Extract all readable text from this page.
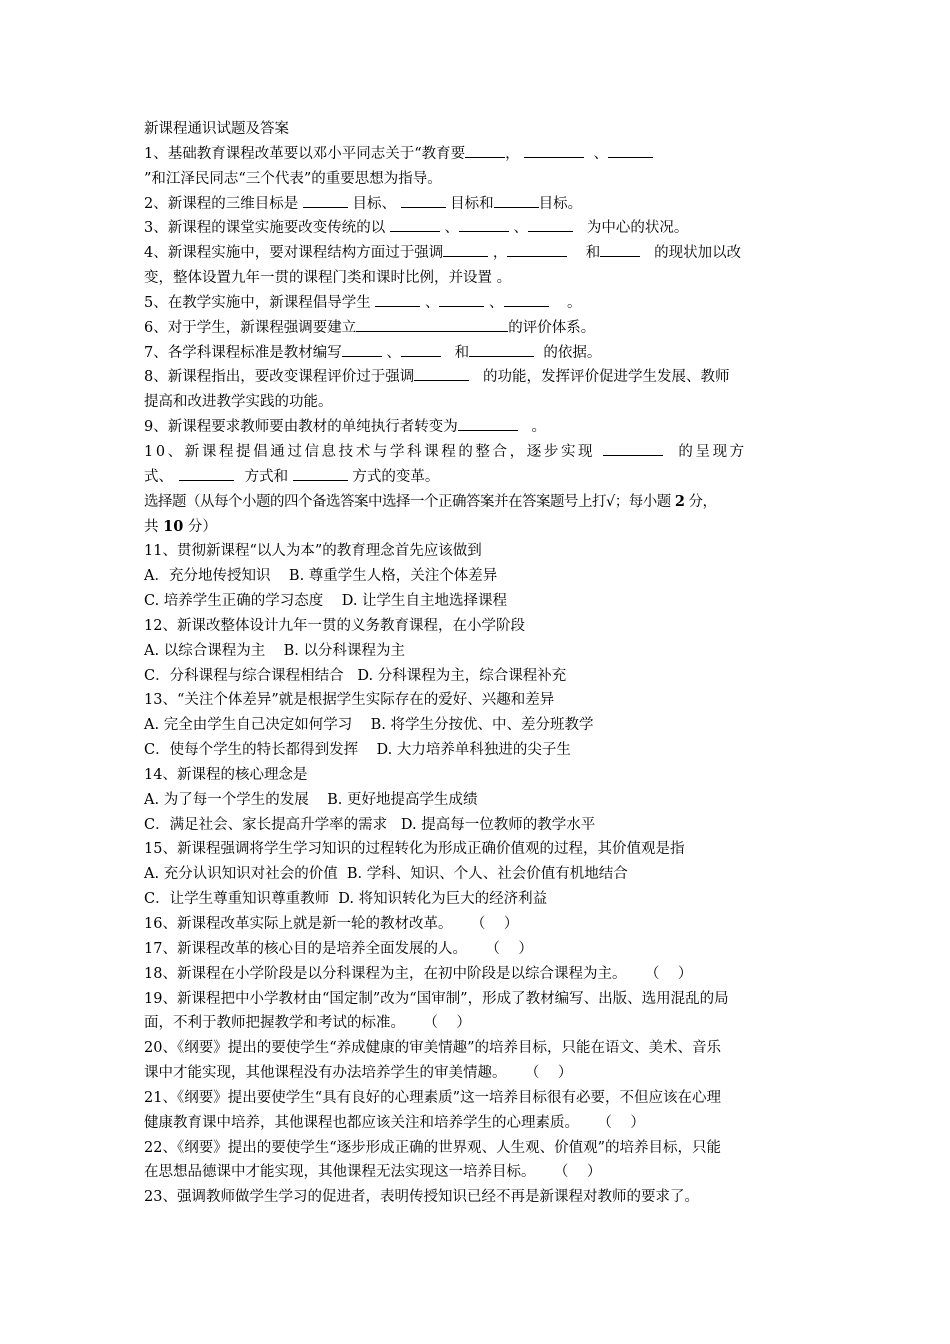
新课程通识试题及答案
1、基础教育课程改革要以邓小平同志关于“教育要	，	、
”和江泽民同志“三个代表”的重要思想为指导。
2、新课程的三维目标是	目标、	目标和	目标。
3、新课程的课堂实施要改变传统的以	、	、	为中心的状况。
4、新课程实施中，要对课程结构方面过于强调	，	和	的现状加以改
变，整体设置九年一贯的课程门类和课时比例，并设置 。
5、在教学实施中，新课程倡导学生	、	、	。
6、对于学生，新课程强调要建立	的评价体系。
7、各学科课程标准是教材编写	、	和	的依据。
8、新课程指出，要改变课程评价过于强调	的功能，发挥评价促进学生发展、教师
提高和改进教学实践的功能。
9、新课程要求教师要由教材的单纯执行者转变为	。
10、新课程提倡通过信息技术与学科课程的整合，逐步实现	的呈现方
式、	方式和	方式的变革。
选择题（从每个小题的四个备选答案中选择一个正确答案并在答案题号上打√；每小题 2 分，
共 10 分）
11、贯彻新课程“以人为本”的教育理念首先应该做到
A．充分地传授知识    B. 尊重学生人格，关注个体差异
C. 培养学生正确的学习态度    D. 让学生自主地选择课程
12、新课改整体设计九年一贯的义务教育课程，在小学阶段
A. 以综合课程为主    B. 以分科课程为主
C．分科课程与综合课程相结合   D. 分科课程为主，综合课程补充
13、“关注个体差异”就是根据学生实际存在的爱好、兴趣和差异
A. 完全由学生自己决定如何学习    B. 将学生分按优、中、差分班教学
C．使每个学生的特长都得到发挥    D. 大力培养单科独进的尖子生
14、新课程的核心理念是
A. 为了每一个学生的发展    B. 更好地提高学生成绩
C．满足社会、家长提高升学率的需求   D. 提高每一位教师的教学水平
15、新课程强调将学生学习知识的过程转化为形成正确价值观的过程，其价值观是指
A. 充分认识知识对社会的价值  B. 学科、知识、个人、社会价值有机地结合
C．让学生尊重知识尊重教师  D. 将知识转化为巨大的经济利益
16、新课程改革实际上就是新一轮的教材改革。    （    ）
17、新课程改革的核心目的是培养全面发展的人。    （    ）
18、新课程在小学阶段是以分科课程为主，在初中阶段是以综合课程为主。    （    ）
19、新课程把中小学教材由“国定制”改为“国审制”，形成了教材编写、出版、选用混乱的局
面，不利于教师把握教学和考试的标准。    （    ）
20、《纲要》提出的要使学生“养成健康的审美情趣”的培养目标，只能在语文、美术、音乐
课中才能实现，其他课程没有办法培养学生的审美情趣。    （    ）
21、《纲要》提出要使学生“具有良好的心理素质”这一培养目标很有必要，不但应该在心理
健康教育课中培养，其他课程也都应该关注和培养学生的心理素质。    （    ）
22、《纲要》提出的要使学生“逐步形成正确的世界观、人生观、价值观”的培养目标，只能
在思想品德课中才能实现，其他课程无法实现这一培养目标。    （    ）
23、强调教师做学生学习的促进者，表明传授知识已经不再是新课程对教师的要求了。
